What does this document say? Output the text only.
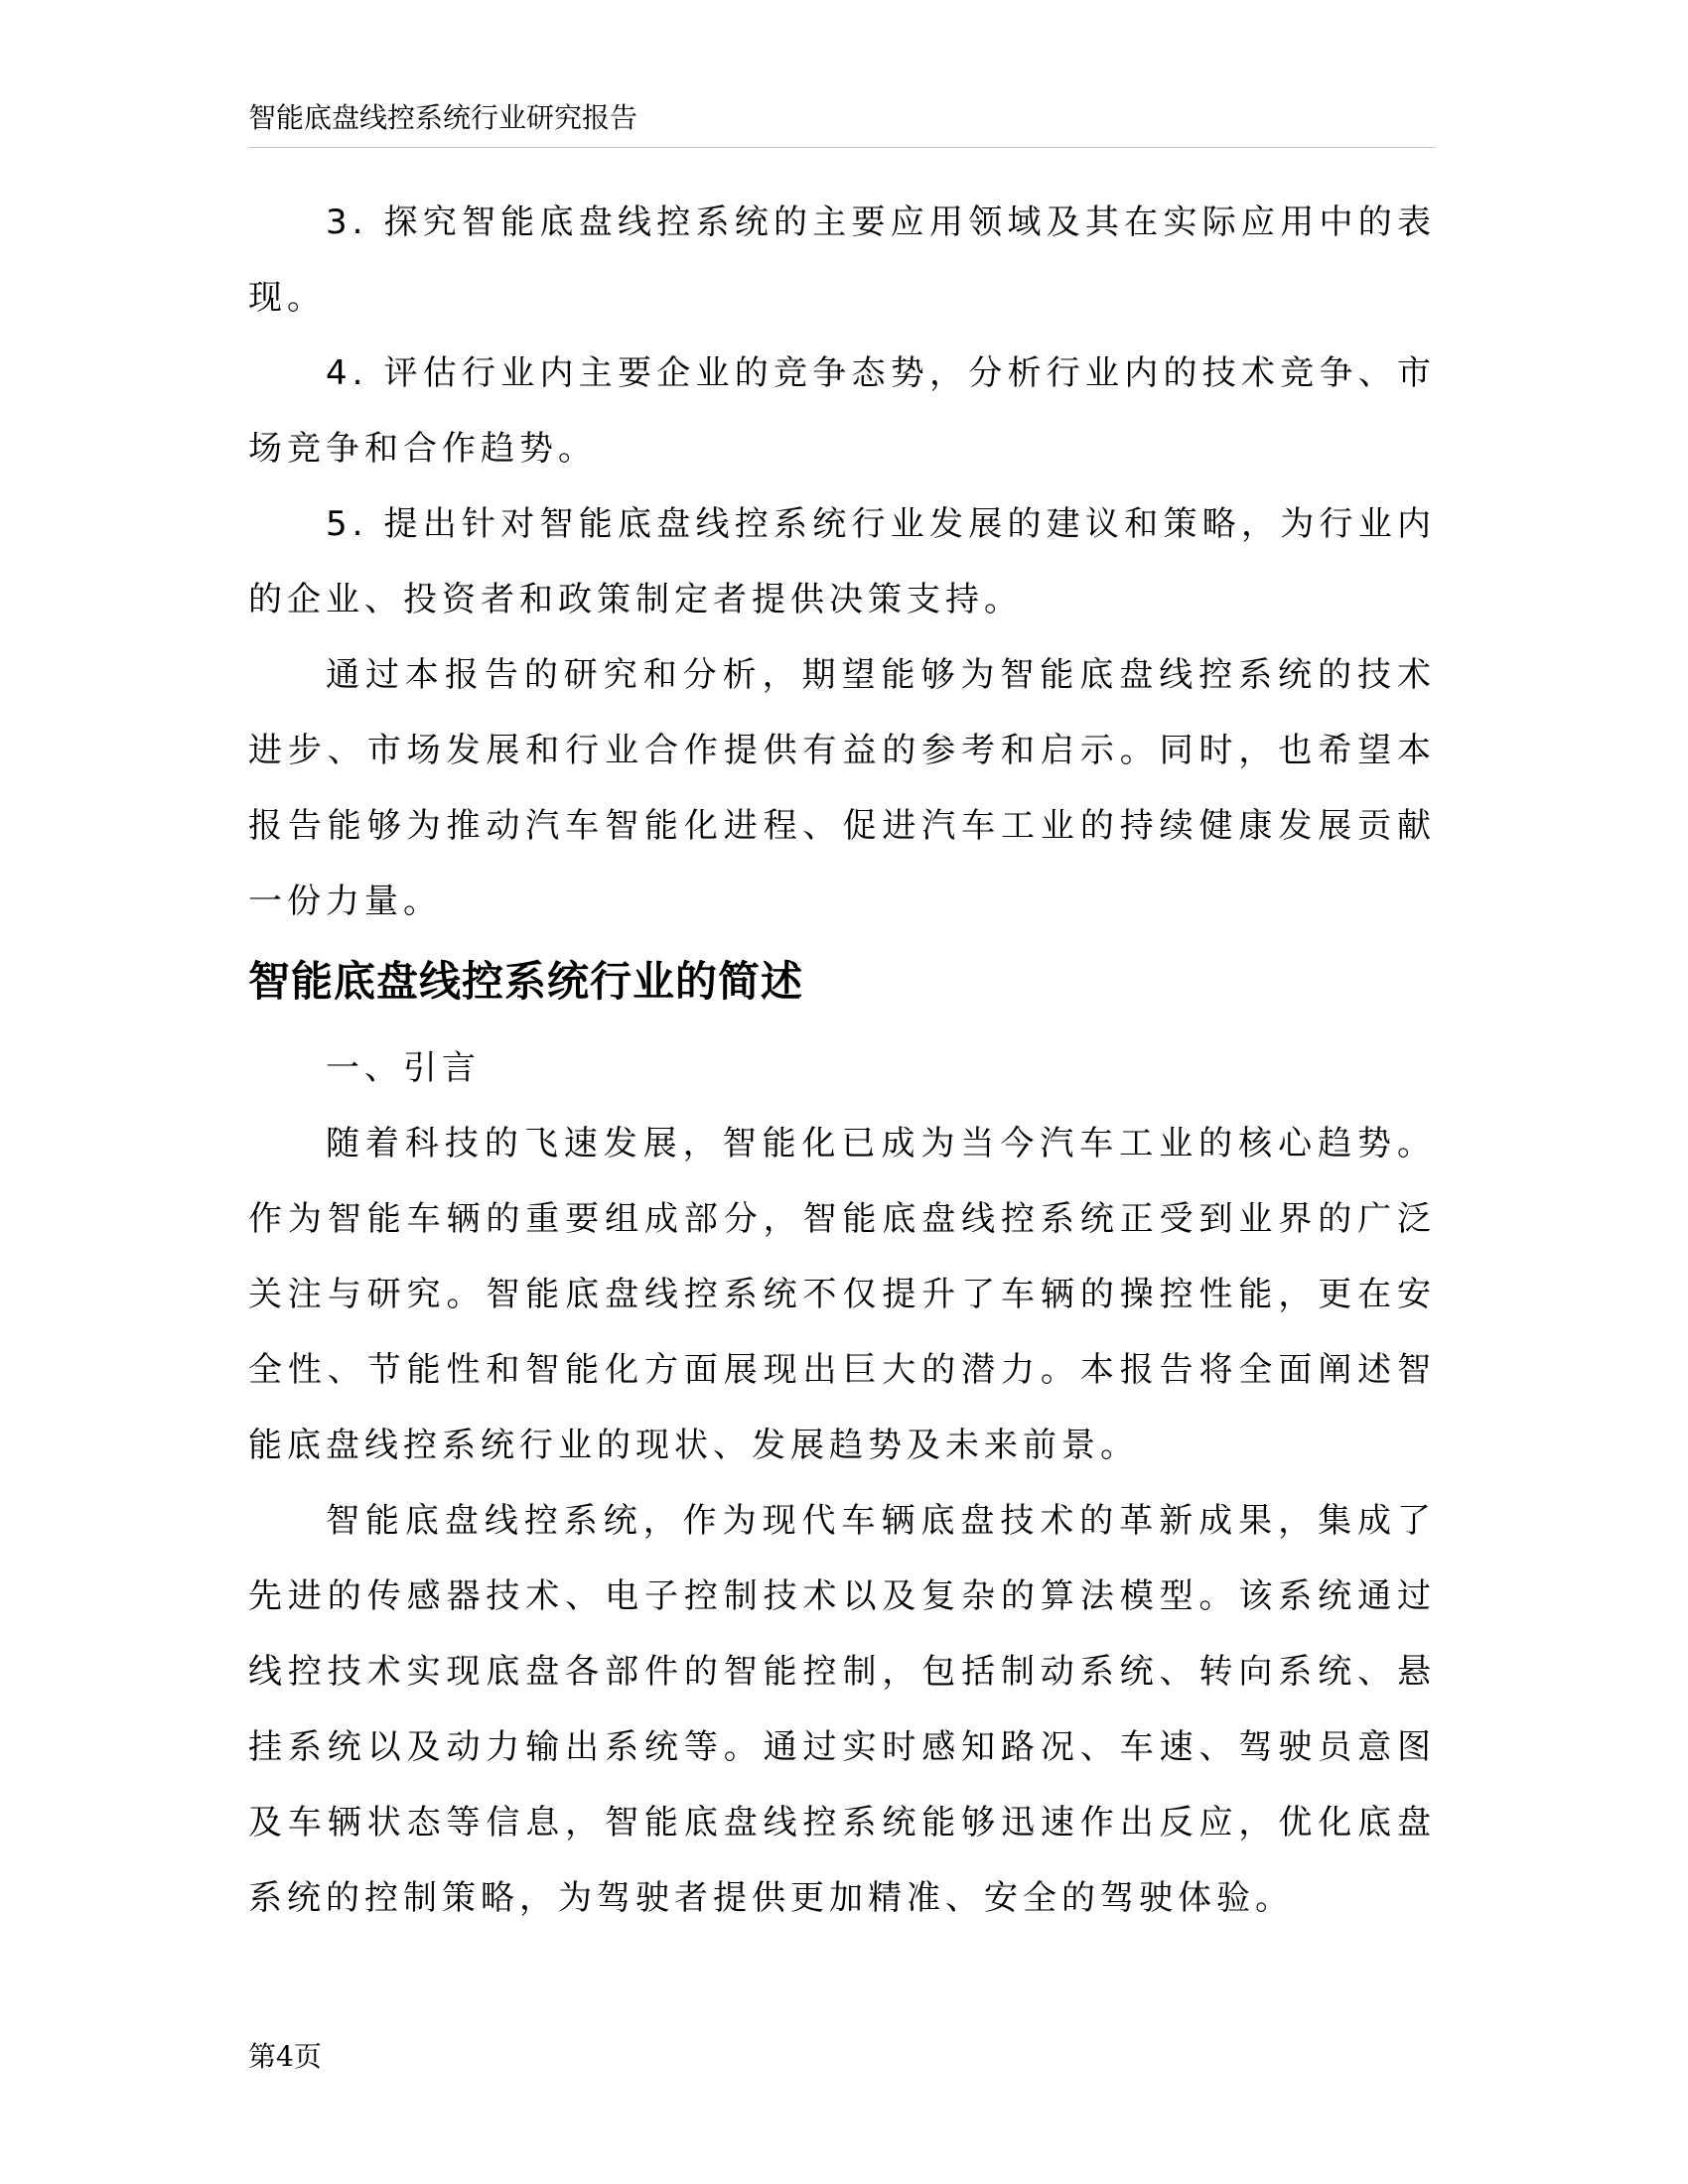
智能底盘线控系统行业研究报告

3. 探究智能底盘线控系统的主要应用领域及其在实际应用中的表现。

4. 评估行业内主要企业的竞争态势，分析行业内的技术竞争、市场竞争和合作趋势。

5. 提出针对智能底盘线控系统行业发展的建议和策略，为行业内的企业、投资者和政策制定者提供决策支持。

通过本报告的研究和分析，期望能够为智能底盘线控系统的技术进步、市场发展和行业合作提供有益的参考和启示。同时，也希望本报告能够为推动汽车智能化进程、促进汽车工业的持续健康发展贡献一份力量。

智能底盘线控系统行业的简述

一、引言

随着科技的飞速发展，智能化已成为当今汽车工业的核心趋势。作为智能车辆的重要组成部分，智能底盘线控系统正受到业界的广泛关注与研究。智能底盘线控系统不仅提升了车辆的操控性能，更在安全性、节能性和智能化方面展现出巨大的潜力。本报告将全面阐述智能底盘线控系统行业的现状、发展趋势及未来前景。

智能底盘线控系统，作为现代车辆底盘技术的革新成果，集成了先进的传感器技术、电子控制技术以及复杂的算法模型。该系统通过线控技术实现底盘各部件的智能控制，包括制动系统、转向系统、悬挂系统以及动力输出系统等。通过实时感知路况、车速、驾驶员意图及车辆状态等信息，智能底盘线控系统能够迅速作出反应，优化底盘系统的控制策略，为驾驶者提供更加精准、安全的驾驶体验。

第4页
